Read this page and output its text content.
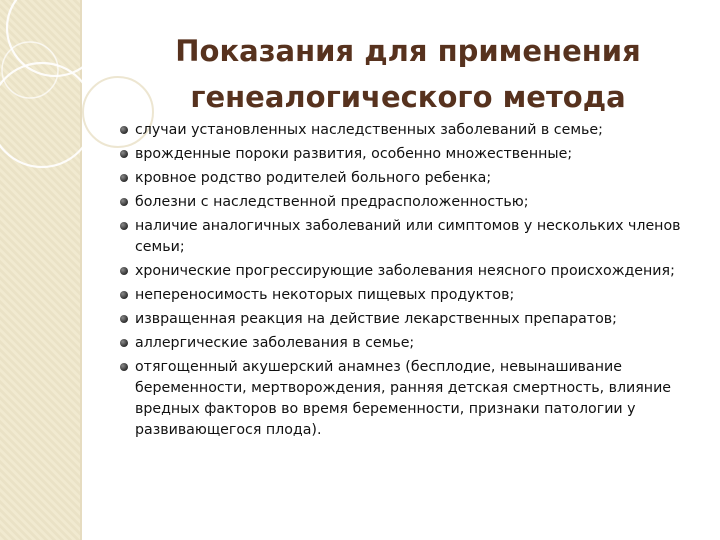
Показания для применения
генеалогического метода
случаи установленных наследственных заболеваний в семье;
врожденные пороки развития, особенно множественные;
кровное родство родителей больного ребенка;
болезни с наследственной предрасположенностью;
наличие аналогичных заболеваний или симптомов у нескольких членов семьи;
хронические прогрессирующие заболевания неясного происхождения;
непереносимость некоторых пищевых продуктов;
извращенная реакция на действие лекарственных препаратов;
аллергические заболевания в семье;
отягощенный акушерский анамнез (бесплодие, невынашивание беременности, мертворождения, ранняя детская смертность, влияние вредных факторов во время беременности, признаки патологии у развивающегося плода).
